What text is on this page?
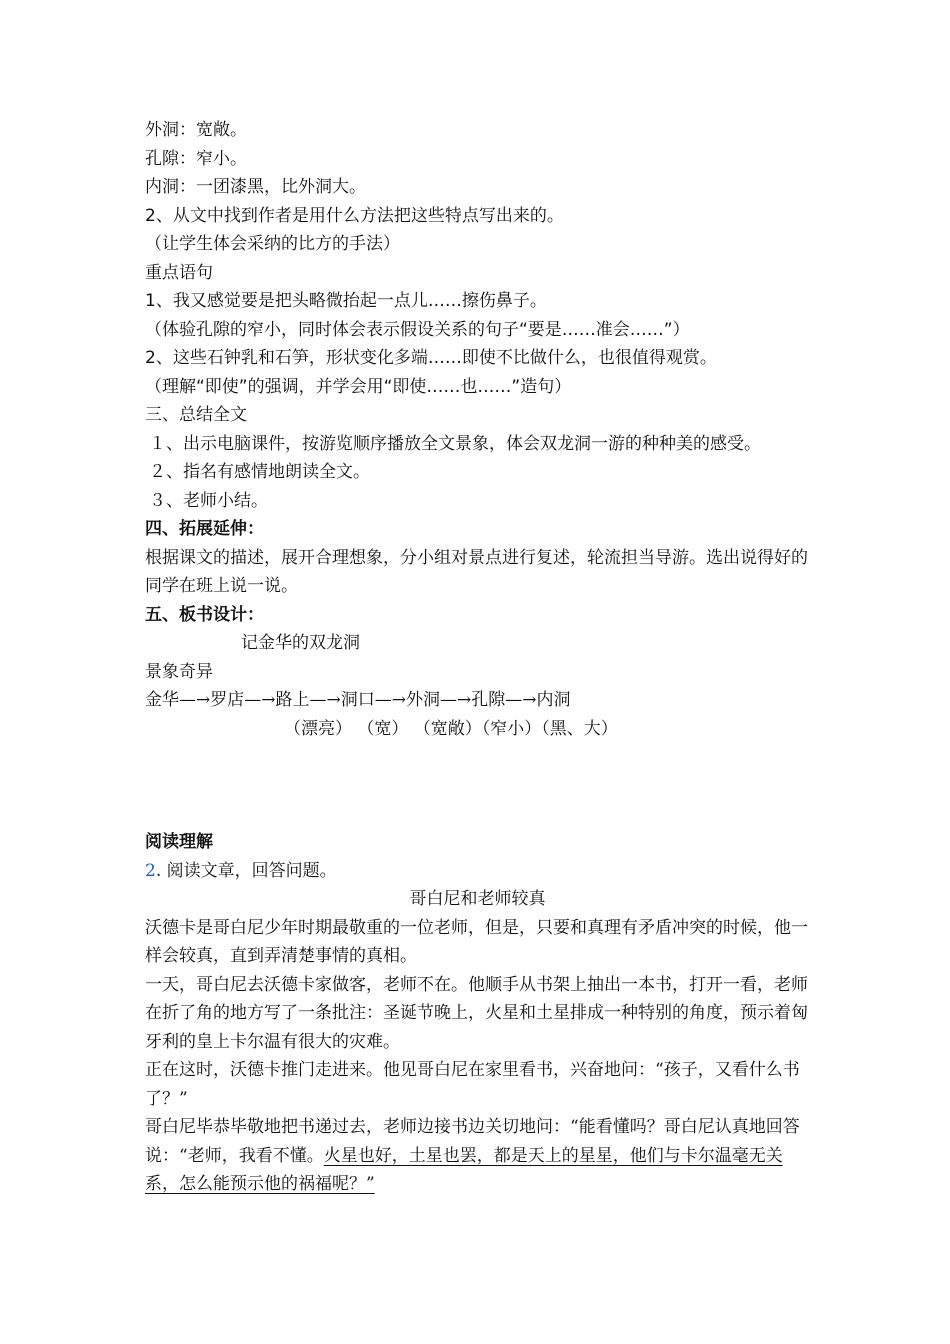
外洞：宽敞。

孔隙：窄小。

内洞：一团漆黑，比外洞大。

2、从文中找到作者是用什么方法把这些特点写出来的。

（让学生体会采纳的比方的手法）

重点语句

1、我又感觉要是把头略微抬起一点儿……擦伤鼻子。

（体验孔隙的窄小，同时体会表示假设关系的句子“要是……准会……”）

2、这些石钟乳和石笋，形状变化多端……即使不比做什么，也很值得观赏。

（理解“即使”的强调，并学会用“即使……也……”造句）

三、总结全文

１、出示电脑课件，按游览顺序播放全文景象，体会双龙洞一游的种种美的感受。

２、指名有感情地朗读全文。

３、老师小结。

四、拓展延伸：

根据课文的描述，展开合理想象，分小组对景点进行复述，轮流担当导游。选出说得好的同学在班上说一说。

五、板书设计：

记金华的双龙洞

景象奇异

金华—→罗店—→路上—→洞口—→外洞—→孔隙—→内洞

（漂亮） （宽） （宽敞）（窄小）（黑、大）

阅读理解

2. 阅读文章，回答问题。

哥白尼和老师较真

沃德卡是哥白尼少年时期最敬重的一位老师，但是，只要和真理有矛盾冲突的时候，他一样会较真，直到弄清楚事情的真相。

一天，哥白尼去沃德卡家做客，老师不在。他顺手从书架上抽出一本书，打开一看，老师在折了角的地方写了一条批注：圣诞节晚上，火星和土星排成一种特别的角度，预示着匈牙利的皇上卡尔温有很大的灾难。

正在这时，沃德卡推门走进来。他见哥白尼在家里看书，兴奋地问：“孩子，又看什么书了？”

哥白尼毕恭毕敬地把书递过去，老师边接书边关切地问：“能看懂吗？哥白尼认真地回答说：“老师，我看不懂。火星也好，土星也罢，都是天上的星星，他们与卡尔温毫无关系，怎么能预示他的祸福呢？”
